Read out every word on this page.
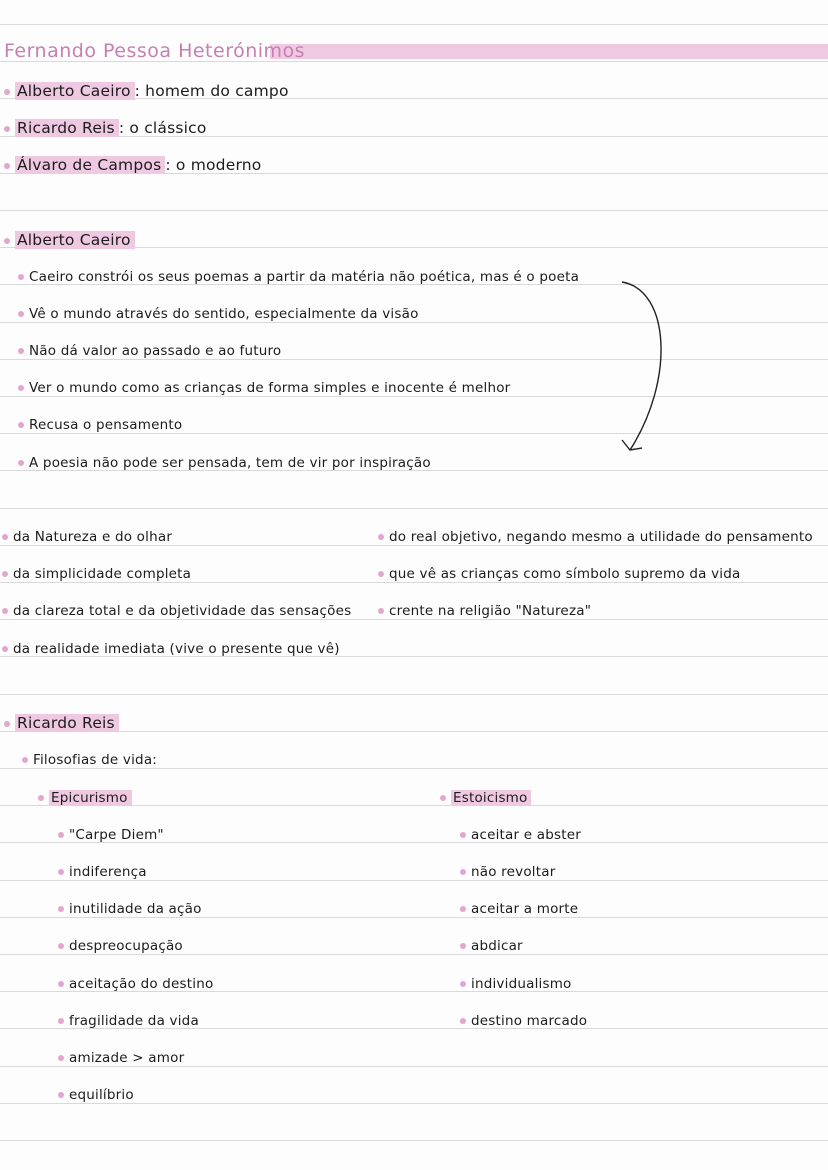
Fernando Pessoa Heterónimos
Alberto Caeiro : homem do campo
Ricardo Reis : o clássico
Álvaro de Campos : o moderno
Alberto Caeiro
Caeiro constrói os seus poemas a partir da matéria não poética, mas é o poeta
Vê o mundo através do sentido, especialmente da visão
Não dá valor ao passado e ao futuro
Ver o mundo como as crianças de forma simples e inocente é melhor
Recusa o pensamento
A poesia não pode ser pensada, tem de vir por inspiração
da Natureza e do olhar
da simplicidade completa
da clareza total e da objetividade das sensações
da realidade imediata (vive o presente que vê)
do real objetivo, negando mesmo a utilidade do pensamento
que vê as crianças como símbolo supremo da vida
crente na religião "Natureza"
Ricardo Reis
Filosofias de vida:
Epicurismo	Estoicismo
"Carpe Diem"
indiferença
inutilidade da ação
despreocupação
aceitação do destino
fragilidade da vida
amizade > amor
equilíbrio
aceitar e abster
não revoltar
aceitar a morte
abdicar
individualismo
destino marcado
